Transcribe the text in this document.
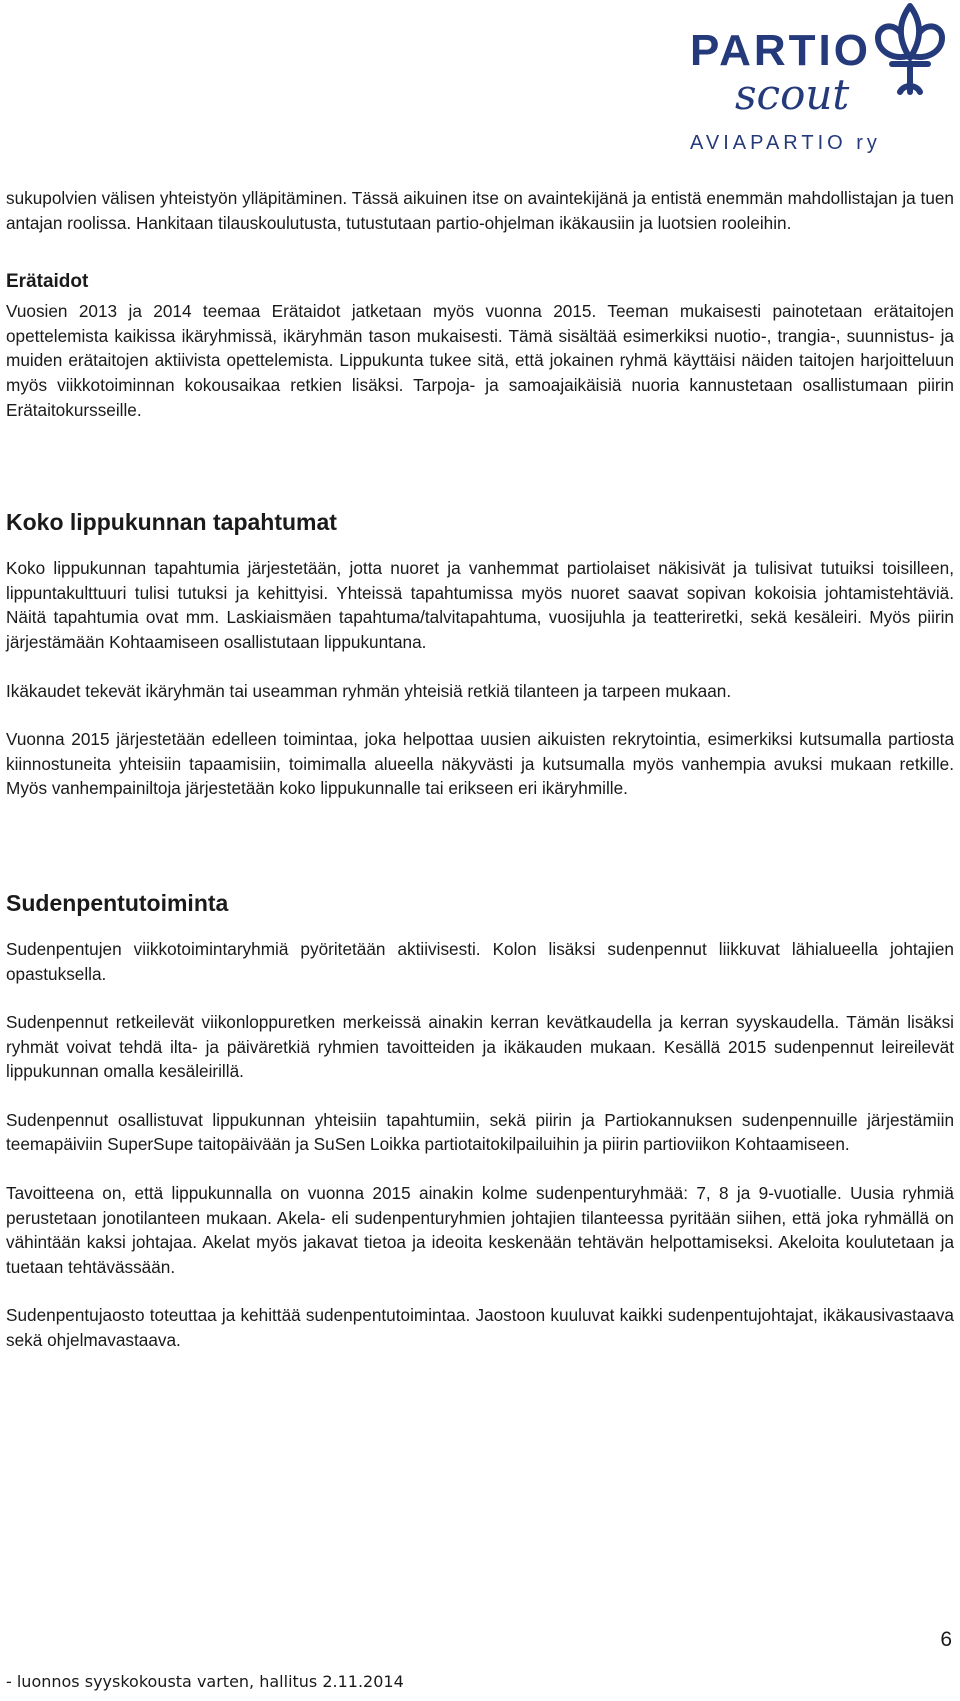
PARTIO
scout
AVIAPARTIO ry

sukupolvien välisen yhteistyön ylläpitäminen. Tässä aikuinen itse on avaintekijänä ja entistä enemmän mahdollistajan ja tuen antajan roolissa. Hankitaan tilauskoulutusta, tutustutaan partio-ohjelman ikäkausiin ja luotsien rooleihin.

Erätaidot

Vuosien 2013 ja 2014 teemaa Erätaidot jatketaan myös vuonna 2015. Teeman mukaisesti painotetaan erätaitojen opettelemista kaikissa ikäryhmissä, ikäryhmän tason mukaisesti. Tämä sisältää esimerkiksi nuotio-, trangia-, suunnistus- ja muiden erätaitojen aktiivista opettelemista. Lippukunta tukee sitä, että jokainen ryhmä käyttäisi näiden taitojen harjoitteluun myös viikkotoiminnan kokousaikaa retkien lisäksi. Tarpoja- ja samoajaikäisiä nuoria kannustetaan osallistumaan piirin Erätaitokursseille.

Koko lippukunnan tapahtumat

Koko lippukunnan tapahtumia järjestetään, jotta nuoret ja vanhemmat partiolaiset näkisivät ja tulisivat tutuiksi toisilleen, lippuntakulttuuri tulisi tutuksi ja kehittyisi. Yhteissä tapahtumissa myös nuoret saavat sopivan kokoisia johtamistehtäviä. Näitä tapahtumia ovat mm. Laskiaismäen tapahtuma/talvitapahtuma, vuosijuhla ja teatteriretki, sekä kesäleiri. Myös piirin järjestämään Kohtaamiseen osallistutaan lippukuntana.

Ikäkaudet tekevät ikäryhmän tai useamman ryhmän yhteisiä retkiä tilanteen ja tarpeen mukaan.

Vuonna 2015 järjestetään edelleen toimintaa, joka helpottaa uusien aikuisten rekrytointia, esimerkiksi kutsumalla partiosta kiinnostuneita yhteisiin tapaamisiin, toimimalla alueella näkyvästi ja kutsumalla myös vanhempia avuksi mukaan retkille. Myös vanhempainiltoja järjestetään koko lippukunnalle tai erikseen eri ikäryhmille.

Sudenpentutoiminta

Sudenpentujen viikkotoimintaryhmiä pyöritetään aktiivisesti. Kolon lisäksi sudenpennut liikkuvat lähialueella johtajien opastuksella.

Sudenpennut retkeilevät viikonloppuretken merkeissä ainakin kerran kevätkaudella ja kerran syyskaudella. Tämän lisäksi ryhmät voivat tehdä ilta- ja päiväretkiä ryhmien tavoitteiden ja ikäkauden mukaan. Kesällä 2015 sudenpennut leireilevät lippukunnan omalla kesäleirillä.

Sudenpennut osallistuvat lippukunnan yhteisiin tapahtumiin, sekä piirin ja Partiokannuksen sudenpennuille järjestämiin teemapäiviin SuperSupe taitopäivään ja SuSen Loikka partiotaitokilpailuihin ja piirin partioviikon Kohtaamiseen.

Tavoitteena on, että lippukunnalla on vuonna 2015 ainakin kolme sudenpenturyhmää: 7, 8 ja 9-vuotialle. Uusia ryhmiä perustetaan jonotilanteen mukaan. Akela- eli sudenpenturyhmien johtajien tilanteessa pyritään siihen, että joka ryhmällä on vähintään kaksi johtajaa. Akelat myös jakavat tietoa ja ideoita keskenään tehtävän helpottamiseksi. Akeloita koulutetaan ja tuetaan tehtävässään.

Sudenpentujaosto toteuttaa ja kehittää sudenpentutoimintaa. Jaostoon kuuluvat kaikki sudenpentujohtajat, ikäkausivastaava sekä ohjelmavastaava.

6
- luonnos syyskokousta varten, hallitus 2.11.2014
